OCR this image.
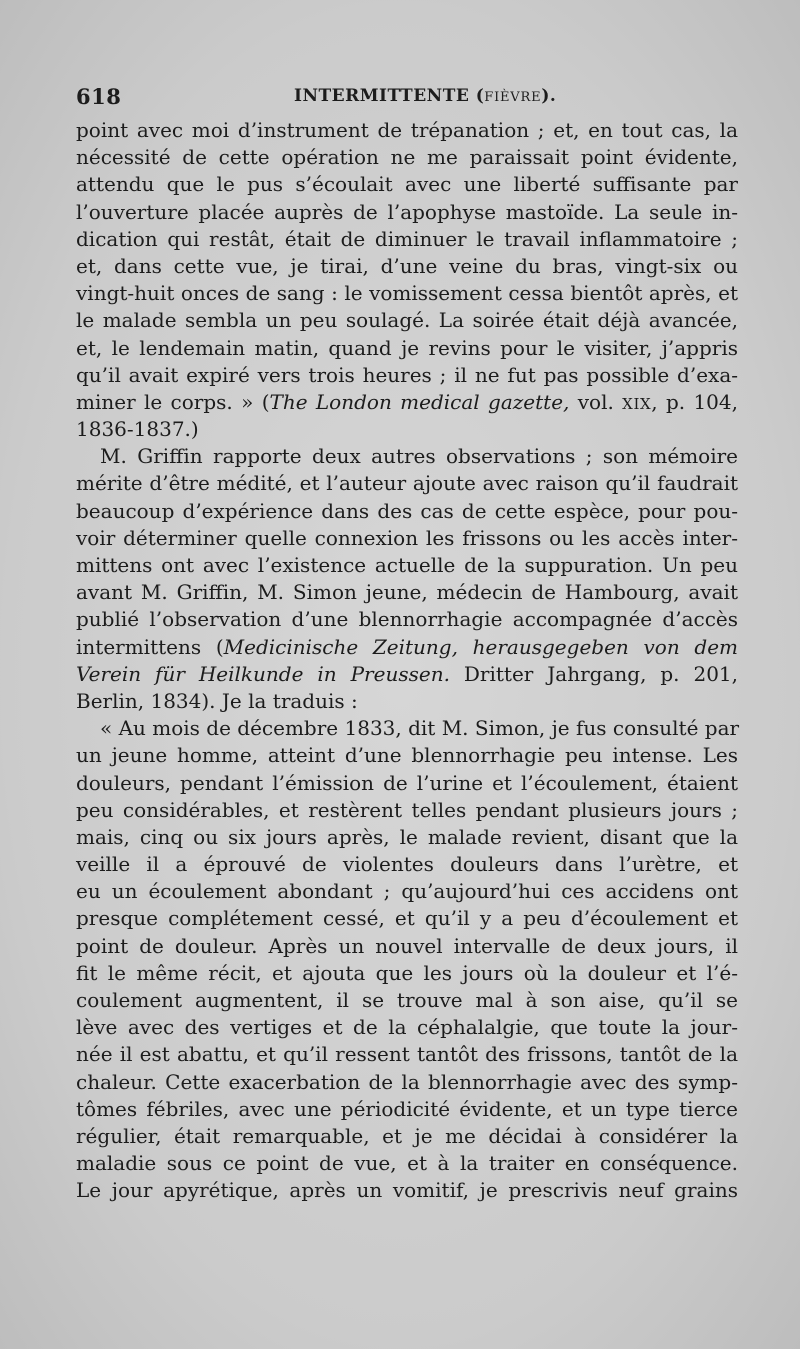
618	INTERMITTENTE (FIÈVRE).
point avec moi d’instrument de trépanation ; et, en tout cas, la
nécessité de cette opération ne me paraissait point évidente,
attendu que le pus s’écoulait avec une liberté suffisante par
l’ouverture placée auprès de l’apophyse mastoïde. La seule in-
dication qui restât, était de diminuer le travail inflammatoire ;
et, dans cette vue, je tirai, d’une veine du bras, vingt-six ou
vingt-huit onces de sang : le vomissement cessa bientôt après, et
le malade sembla un peu soulagé. La soirée était déjà avancée,
et, le lendemain matin, quand je revins pour le visiter, j’appris
qu’il avait expiré vers trois heures ; il ne fut pas possible d’exa-
miner le corps. » (The London medical gazette, vol. XIX, p. 104,
1836-1837.)
M. Griffin rapporte deux autres observations ; son mémoire
mérite d’être médité, et l’auteur ajoute avec raison qu’il faudrait
beaucoup d’expérience dans des cas de cette espèce, pour pou-
voir déterminer quelle connexion les frissons ou les accès inter-
mittens ont avec l’existence actuelle de la suppuration. Un peu
avant M. Griffin, M. Simon jeune, médecin de Hambourg, avait
publié l’observation d’une blennorrhagie accompagnée d’accès
intermittens (Medicinische Zeitung, herausgegeben von dem
Verein für Heilkunde in Preussen. Dritter Jahrgang, p. 201,
Berlin, 1834). Je la traduis :
« Au mois de décembre 1833, dit M. Simon, je fus consulté par
un jeune homme, atteint d’une blennorrhagie peu intense. Les
douleurs, pendant l’émission de l’urine et l’écoulement, étaient
peu considérables, et restèrent telles pendant plusieurs jours ;
mais, cinq ou six jours après, le malade revient, disant que la
veille il a éprouvé de violentes douleurs dans l’urètre, et
eu un écoulement abondant ; qu’aujourd’hui ces accidens ont
presque complétement cessé, et qu’il y a peu d’écoulement et
point de douleur. Après un nouvel intervalle de deux jours, il
fit le même récit, et ajouta que les jours où la douleur et l’é-
coulement augmentent, il se trouve mal à son aise, qu’il se
lève avec des vertiges et de la céphalalgie, que toute la jour-
née il est abattu, et qu’il ressent tantôt des frissons, tantôt de la
chaleur. Cette exacerbation de la blennorrhagie avec des symp-
tômes fébriles, avec une périodicité évidente, et un type tierce
régulier, était remarquable, et je me décidai à considérer la
maladie sous ce point de vue, et à la traiter en conséquence.
Le jour apyrétique, après un vomitif, je prescrivis neuf grains
